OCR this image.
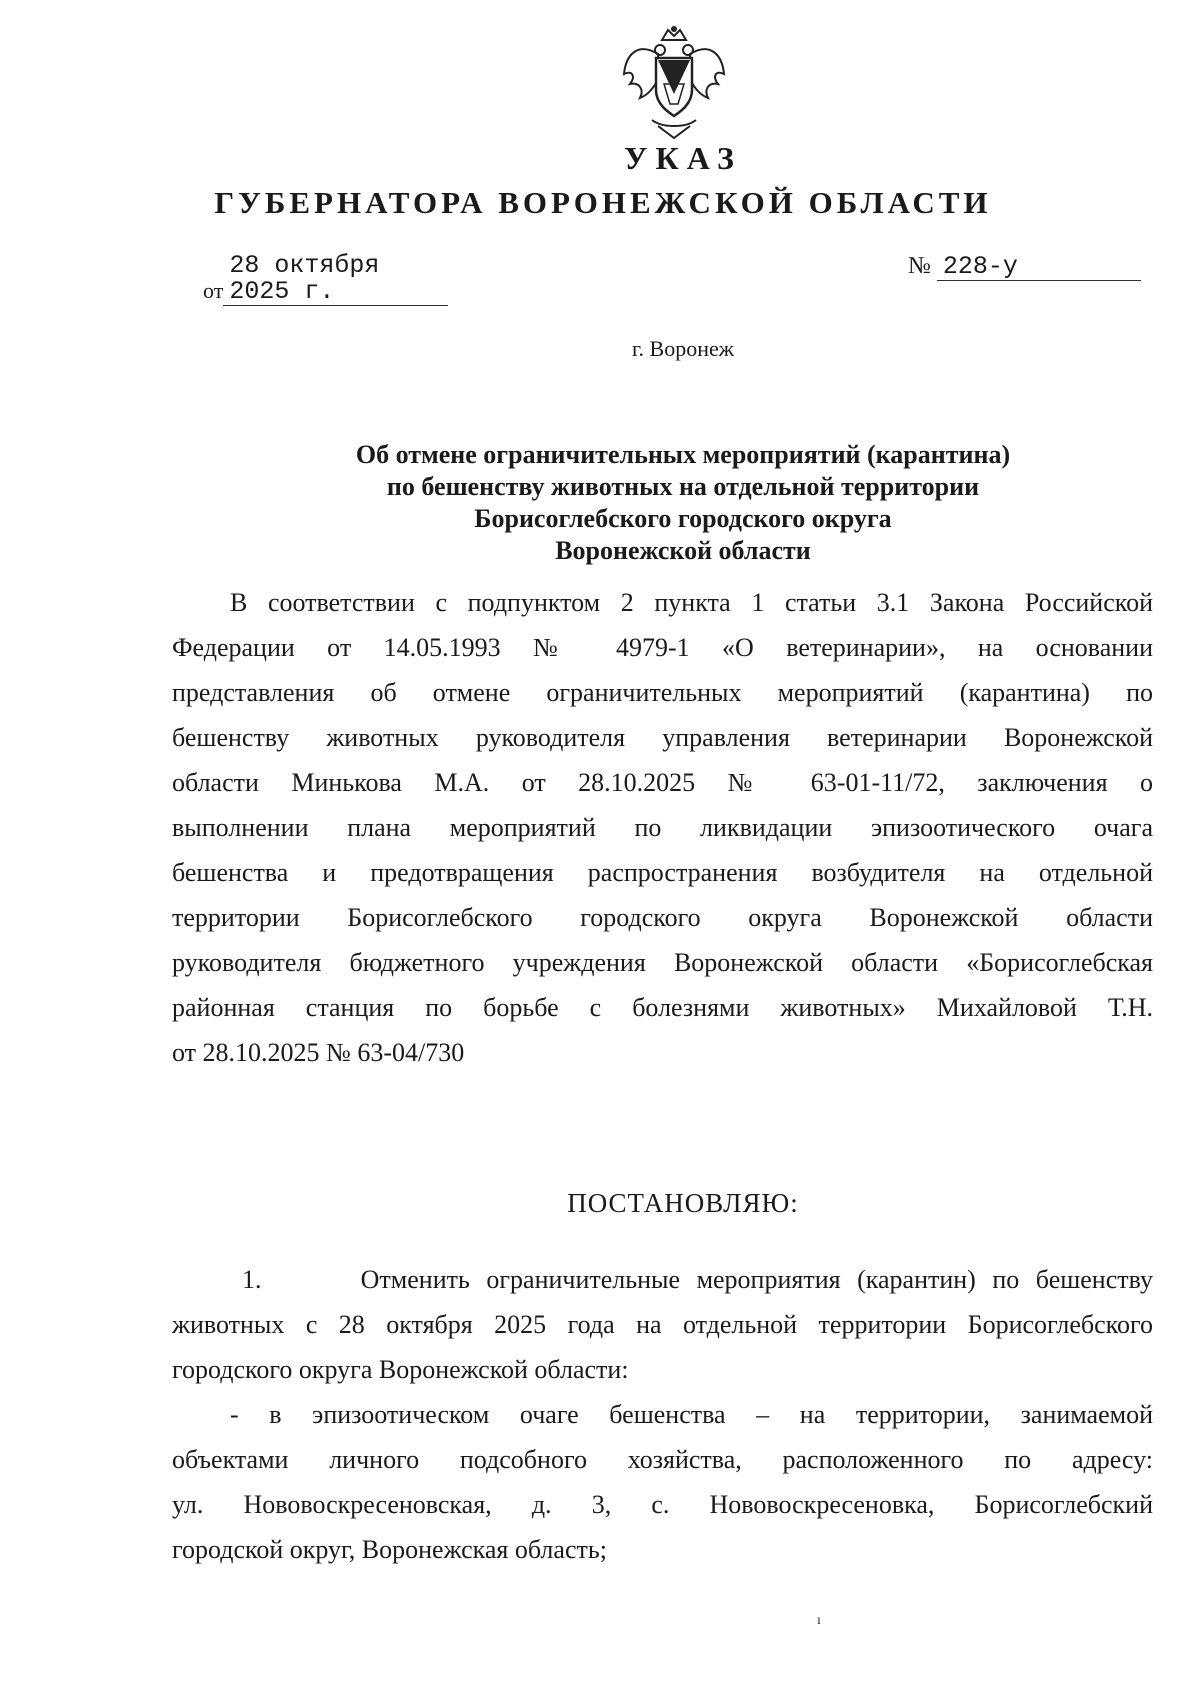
УКАЗ
ГУБЕРНАТОРА ВОРОНЕЖСКОЙ ОБЛАСТИ
от28 октября 2025 г.
№ 228-у
г. Воронеж
Об отмене ограничительных мероприятий (карантина)
по бешенству животных на отдельной территории
Борисоглебского городского округа
Воронежской области
В соответствии с подпунктом 2 пункта 1 статьи 3.1 Закона Российской
Федерации от 14.05.1993 № 4979-1 «О ветеринарии», на основании
представления об отмене ограничительных мероприятий (карантина) по
бешенству животных руководителя управления ветеринарии Воронежской
области Минькова М.А. от 28.10.2025 № 63-01-11/72, заключения о
выполнении плана мероприятий по ликвидации эпизоотического очага
бешенства и предотвращения распространения возбудителя на отдельной
территории Борисоглебского городского округа Воронежской области
руководителя бюджетного учреждения Воронежской области «Борисоглебская
районная станция по борьбе с болезнями животных» Михайловой Т.Н.
от 28.10.2025 № 63-04/730
ПОСТАНОВЛЯЮ:
1.      Отменить ограничительные мероприятия (карантин) по бешенству
животных с 28 октября 2025 года на отдельной территории Борисоглебского
городского округа Воронежской области:
- в эпизоотическом очаге бешенства – на территории, занимаемой
объектами личного подсобного хозяйства, расположенного по адресу:
ул. Нововоскресеновская, д. 3, с. Нововоскресеновка, Борисоглебский
городской округ, Воронежская область;
ı
